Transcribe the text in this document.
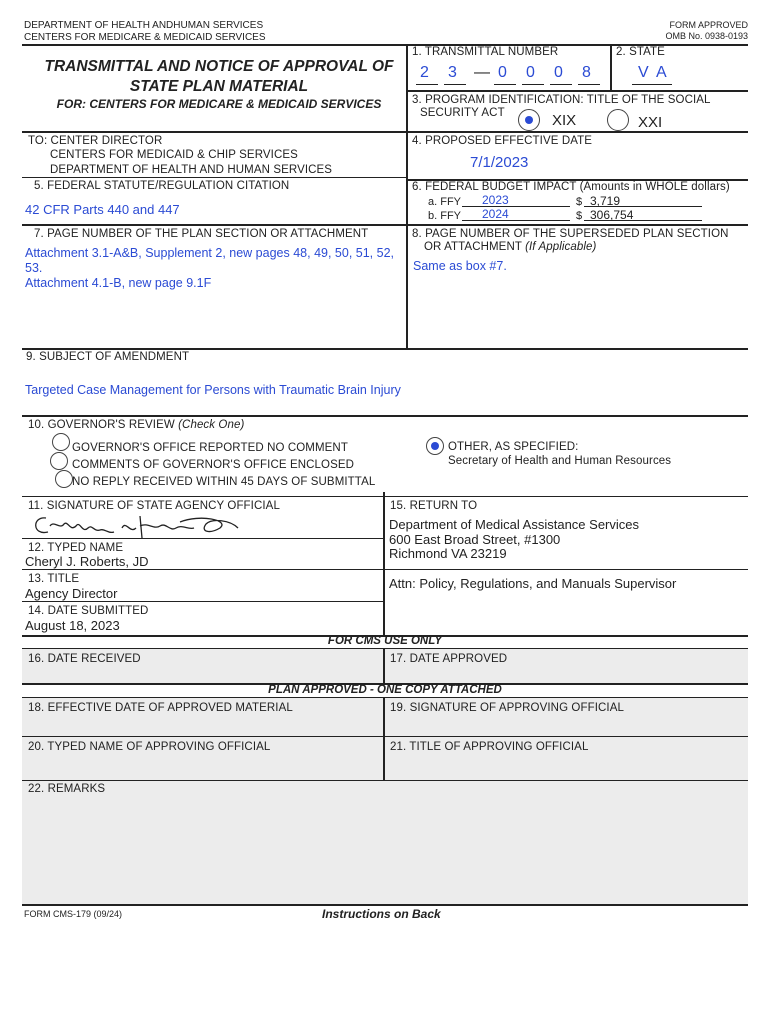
DEPARTMENT OF HEALTH ANDHUMAN SERVICES
CENTERS FOR MEDICARE & MEDICAID SERVICES
FORM APPROVED
OMB No. 0938-0193
TRANSMITTAL AND NOTICE OF APPROVAL OF
STATE PLAN MATERIAL
FOR: CENTERS FOR MEDICARE & MEDICAID SERVICES
1. TRANSMITTAL NUMBER
2 3 — 0 0 0 8
2. STATE
V A
3. PROGRAM IDENTIFICATION: TITLE OF THE SOCIAL
SECURITY ACT	XIX	XXI
TO: CENTER DIRECTOR
CENTERS FOR MEDICAID & CHIP SERVICES
DEPARTMENT OF HEALTH AND HUMAN SERVICES
4. PROPOSED EFFECTIVE DATE
7/1/2023
5. FEDERAL STATUTE/REGULATION CITATION
42 CFR Parts 440 and 447
6. FEDERAL BUDGET IMPACT (Amounts in WHOLE dollars)
a. FFY 2023	$ 3,719
b. FFY 2024	$ 306,754
7. PAGE NUMBER OF THE PLAN SECTION OR ATTACHMENT
Attachment 3.1-A&B, Supplement 2, new pages 48, 49, 50, 51, 52,
53.
Attachment 4.1-B, new page 9.1F
8. PAGE NUMBER OF THE SUPERSEDED PLAN SECTION
OR ATTACHMENT (If Applicable)
Same as box #7.
9. SUBJECT OF AMENDMENT
Targeted Case Management for Persons with Traumatic Brain Injury
10. GOVERNOR'S REVIEW (Check One)
GOVERNOR'S OFFICE REPORTED NO COMMENT
COMMENTS OF GOVERNOR'S OFFICE ENCLOSED
NO REPLY RECEIVED WITHIN 45 DAYS OF SUBMITTAL
OTHER, AS SPECIFIED:
Secretary of Health and Human Resources
11. SIGNATURE OF STATE AGENCY OFFICIAL
12. TYPED NAME
Cheryl J. Roberts, JD
13. TITLE
Agency Director
14. DATE SUBMITTED
August 18, 2023
15. RETURN TO
Department of Medical Assistance Services
600 East Broad Street, #1300
Richmond VA 23219
Attn: Policy, Regulations, and Manuals Supervisor
FOR CMS USE ONLY
16. DATE RECEIVED	17. DATE APPROVED
PLAN APPROVED - ONE COPY ATTACHED
18. EFFECTIVE DATE OF APPROVED MATERIAL	19. SIGNATURE OF APPROVING OFFICIAL
20. TYPED NAME OF APPROVING OFFICIAL	21. TITLE OF APPROVING OFFICIAL
22. REMARKS
FORM CMS-179 (09/24)	Instructions on Back
